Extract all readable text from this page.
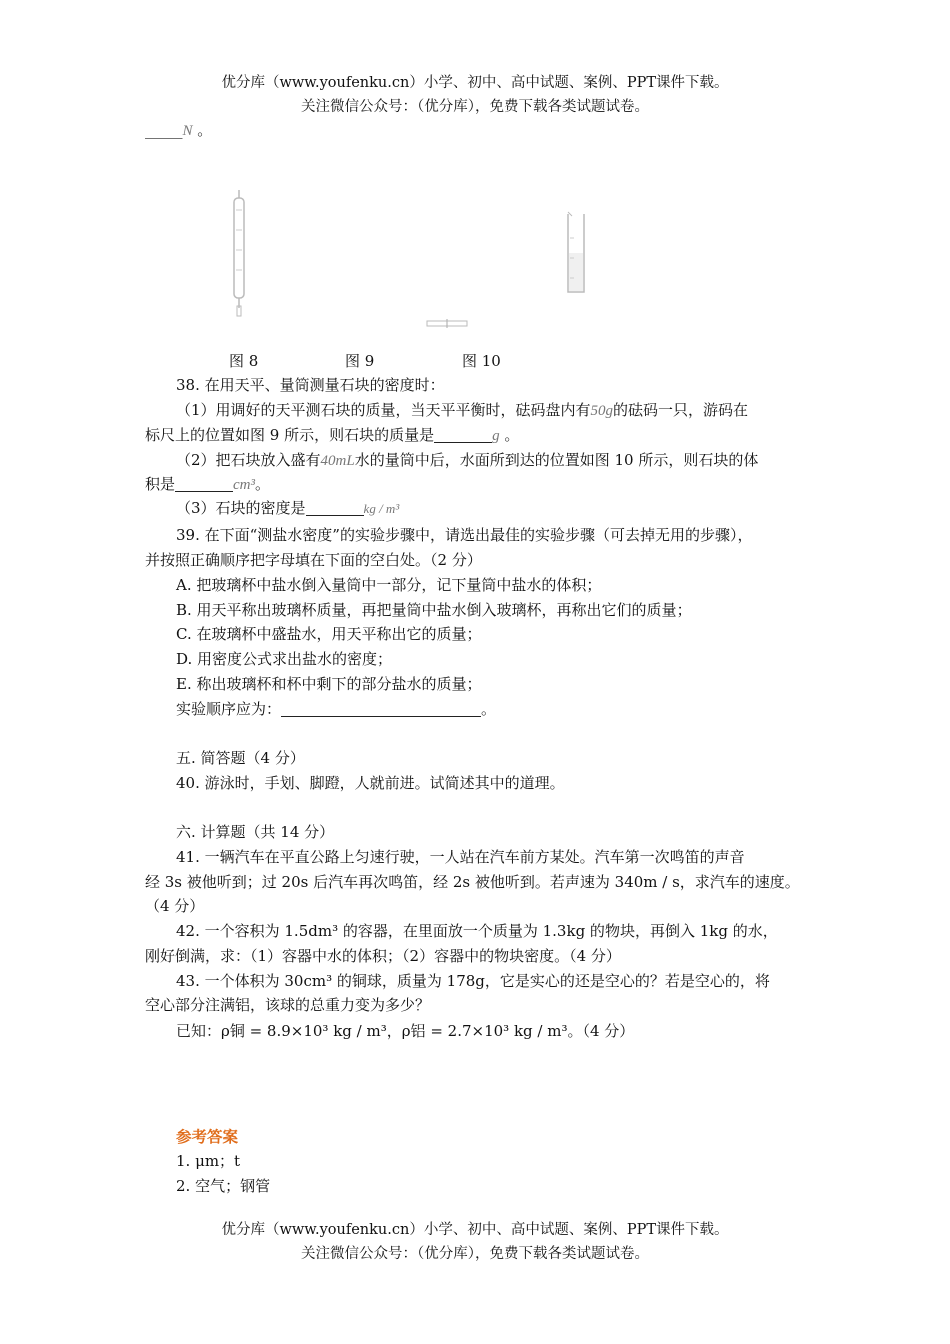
优分库（www.youfenku.cn）小学、初中、高中试题、案例、PPT课件下载。
关注微信公众号：（优分库），免费下载各类试题试卷。
_____N 。
图 8	图 9	图 10
38. 在用天平、量筒测量石块的密度时：
（1）用调好的天平测石块的质量，当天平平衡时，砝码盘内有50g的砝码一只，游码在
标尺上的位置如图 9 所示，则石块的质量是	g 。
（2）把石块放入盛有40mL水的量筒中后，水面所到达的位置如图 10 所示，则石块的体
积是	cm³。
（3）石块的密度是	kg / m³
39. 在下面“测盐水密度”的实验步骤中，请选出最佳的实验步骤（可去掉无用的步骤），
并按照正确顺序把字母填在下面的空白处。（2 分）
A. 把玻璃杯中盐水倒入量筒中一部分，记下量筒中盐水的体积；
B. 用天平称出玻璃杯质量，再把量筒中盐水倒入玻璃杯，再称出它们的质量；
C. 在玻璃杯中盛盐水，用天平称出它的质量；
D. 用密度公式求出盐水的密度；
E. 称出玻璃杯和杯中剩下的部分盐水的质量；
实验顺序应为：	。
五. 简答题（4 分）
40. 游泳时，手划、脚蹬，人就前进。试简述其中的道理。
六. 计算题（共 14 分）
41. 一辆汽车在平直公路上匀速行驶，一人站在汽车前方某处。汽车第一次鸣笛的声音
经 3s 被他听到；过 20s 后汽车再次鸣笛，经 2s 被他听到。若声速为 340m / s，求汽车的速度。
（4 分）
42. 一个容积为 1.5dm³ 的容器，在里面放一个质量为 1.3kg 的物块，再倒入 1kg 的水，
刚好倒满，求：（1）容器中水的体积；（2）容器中的物块密度。（4 分）
43. 一个体积为 30cm³ 的铜球，质量为 178g，它是实心的还是空心的？若是空心的，将
空心部分注满铝，该球的总重力变为多少？
已知：ρ铜 = 8.9×10³ kg / m³，ρ铝 = 2.7×10³ kg / m³。（4 分）
参考答案
1. μm；t
2. 空气；钢管
优分库（www.youfenku.cn）小学、初中、高中试题、案例、PPT课件下载。
关注微信公众号：（优分库），免费下载各类试题试卷。
